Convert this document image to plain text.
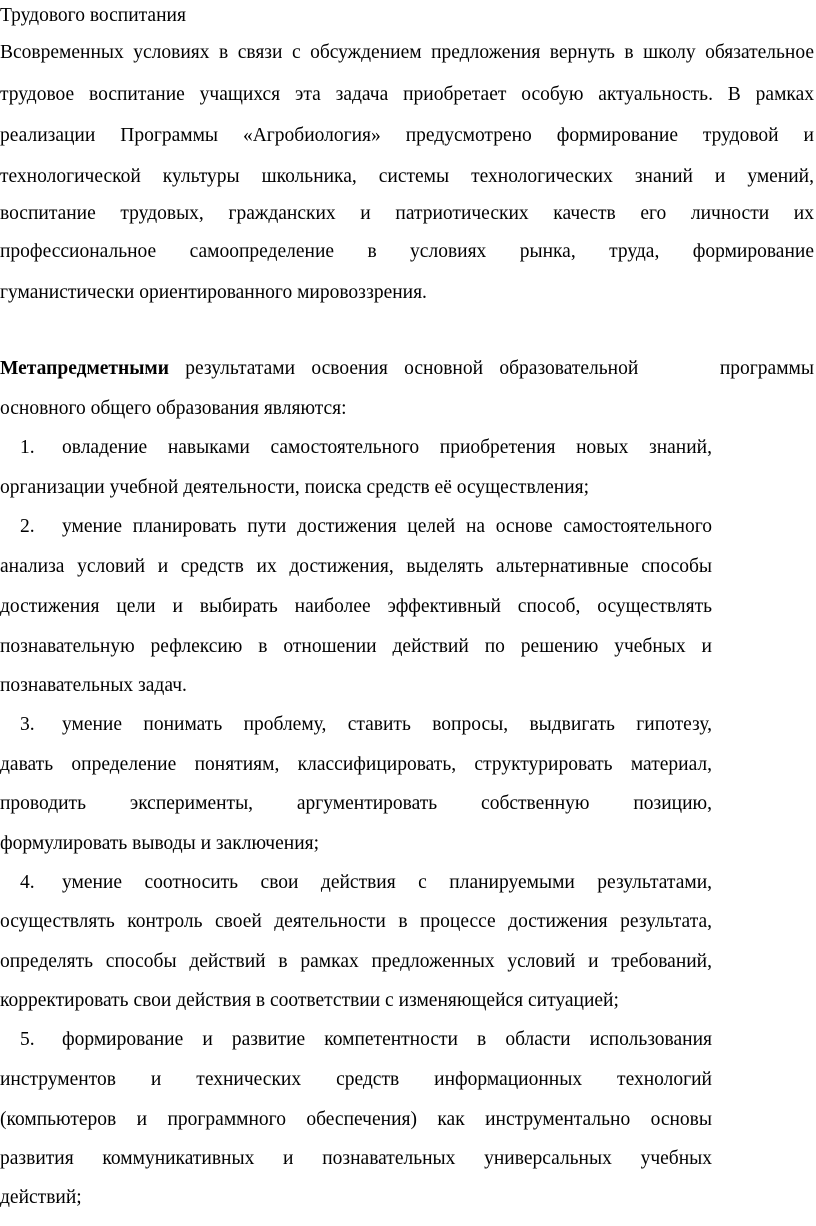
Трудового воспитания
Всовременных условиях в связи с обсуждением предложения вернуть в школу обязательное
трудовое воспитание учащихся эта задача приобретает особую актуальность. В рамках
реализации Программы «Агробиология» предусмотрено формирование трудовой и
технологической культуры школьника, системы технологических знаний и умений,
воспитание трудовых, гражданских и патриотических качеств его личности их
профессиональное самоопределение в условиях рынка, труда, формирование
гуманистически ориентированного мировоззрения.
Метапредметными результатами освоения основной образовательной     программы
основного общего образования являются:
1.	овладение навыками самостоятельного приобретения новых знаний,
организации учебной деятельности, поиска средств её осуществления;
2.	умение планировать пути достижения целей на основе самостоятельного
анализа условий и средств их достижения, выделять альтернативные способы
достижения цели и выбирать наиболее эффективный способ, осуществлять
познавательную рефлексию в отношении действий по решению учебных и
познавательных задач.
3.	умение понимать проблему, ставить вопросы, выдвигать гипотезу,
давать определение понятиям, классифицировать, структурировать материал,
проводить эксперименты, аргументировать собственную позицию,
формулировать выводы и заключения;
4.	умение соотносить свои действия с планируемыми результатами,
осуществлять контроль своей деятельности в процессе достижения результата,
определять способы действий в рамках предложенных условий и требований,
корректировать свои действия в соответствии с изменяющейся ситуацией;
5.	формирование и развитие компетентности в области использования
инструментов и технических средств информационных технологий
(компьютеров и программного обеспечения) как инструментально основы
развития коммуникативных и познавательных универсальных учебных
действий;
